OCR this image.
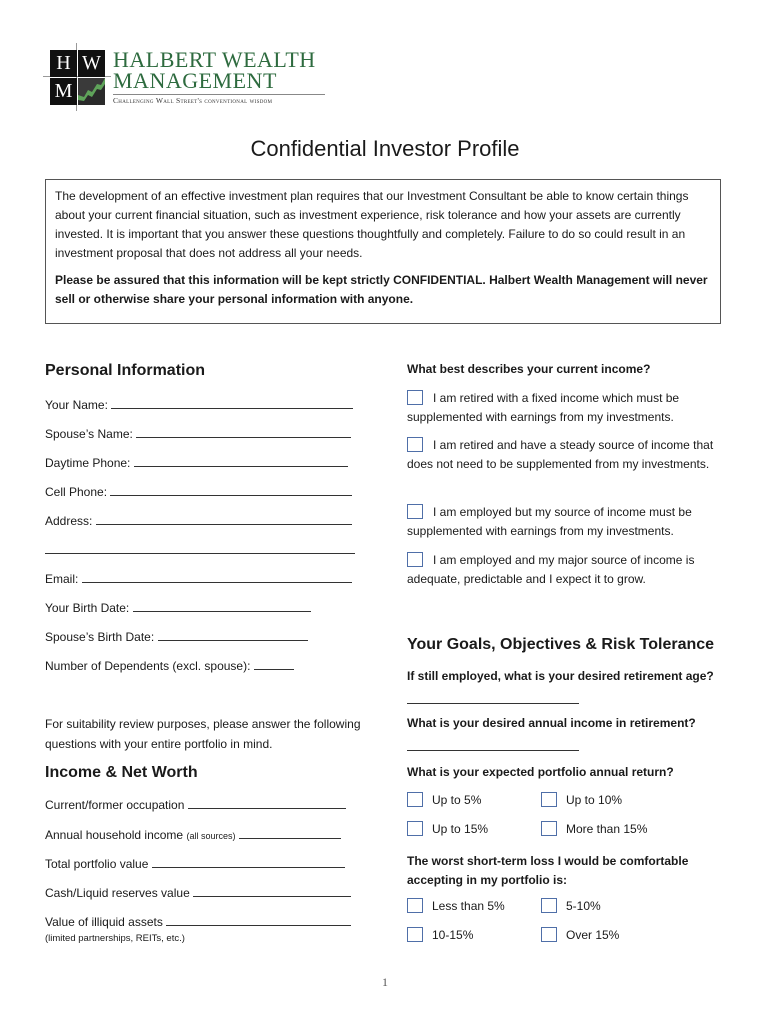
H W
M
HALBERT WEALTH
MANAGEMENT
Challenging Wall Street's conventional wisdom
Confidential Investor Profile

The development of an effective investment plan requires that our Investment Consultant be able to know certain things about your current financial situation, such as investment experience, risk tolerance and how your assets are currently invested. It is important that you answer these questions thoughtfully and completely. Failure to do so could result in an investment proposal that does not address all your needs.

Please be assured that this information will be kept strictly CONFIDENTIAL. Halbert Wealth Management will never sell or otherwise share your personal information with anyone.

Personal Information
Your Name:
Spouse’s Name:
Daytime Phone:
Cell Phone:
Address:
Email:
Your Birth Date:
Spouse’s Birth Date:
Number of Dependents (excl. spouse):
For suitability review purposes, please answer the following questions with your entire portfolio in mind.
Income & Net Worth
Current/former occupation
Annual household income (all sources)
Total portfolio value
Cash/Liquid reserves value
Value of illiquid assets
(limited partnerships, REITs, etc.)
What best describes your current income?
I am retired with a fixed income which must be supplemented with earnings from my investments.
I am retired and have a steady source of income that does not need to be supplemented from my investments.
I am employed but my source of income must be supplemented with earnings from my investments.
I am employed and my major source of income is adequate, predictable and I expect it to grow.
Your Goals, Objectives & Risk Tolerance
If still employed, what is your desired retirement age?
What is your desired annual income in retirement?
What is your expected portfolio annual return?
Up to 5%	Up to 10%
Up to 15%	More than 15%
The worst short-term loss I would be comfortable accepting in my portfolio is:
Less than 5%	5-10%
10-15%	Over 15%
1
